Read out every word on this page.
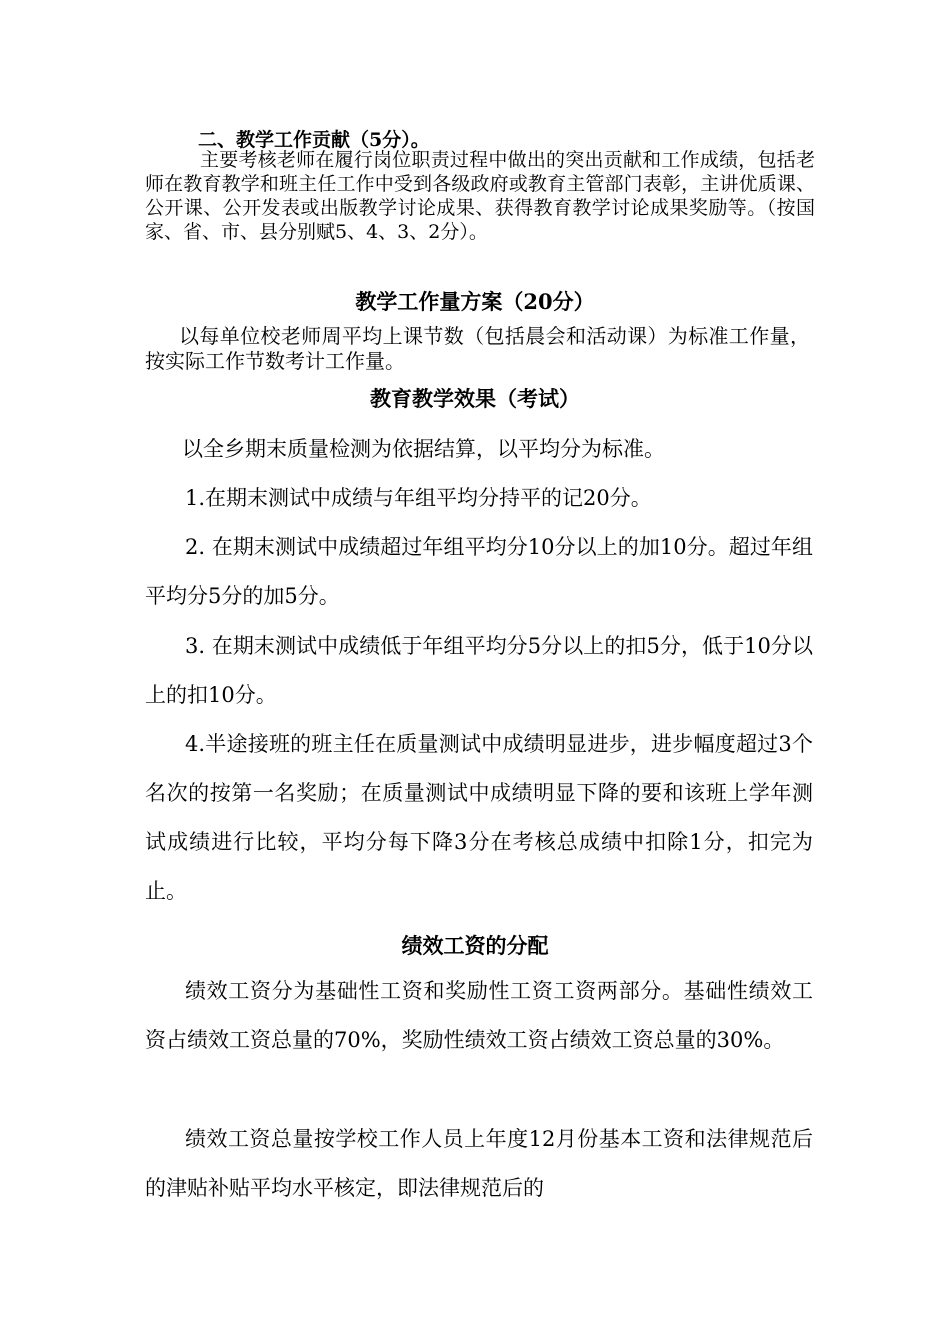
二、教学工作贡献（5分）。

主要考核老师在履行岗位职责过程中做出的突出贡献和工作成绩，包括老师在教育教学和班主任工作中受到各级政府或教育主管部门表彰，主讲优质课、公开课、公开发表或出版教学讨论成果、获得教育教学讨论成果奖励等。（按国家、省、市、县分别赋5、4、3、2分）。

教学工作量方案（20分）

以每单位校老师周平均上课节数（包括晨会和活动课）为标准工作量，按实际工作节数考计工作量。

教育教学效果（考试）

以全乡期末质量检测为依据结算，以平均分为标准。

1.在期末测试中成绩与年组平均分持平的记20分。

2. 在期末测试中成绩超过年组平均分10分以上的加10分。超过年组平均分5分的加5分。

3. 在期末测试中成绩低于年组平均分5分以上的扣5分，低于10分以上的扣10分。

4.半途接班的班主任在质量测试中成绩明显进步，进步幅度超过3个名次的按第一名奖励；在质量测试中成绩明显下降的要和该班上学年测试成绩进行比较，平均分每下降3分在考核总成绩中扣除1分，扣完为止。

绩效工资的分配

绩效工资分为基础性工资和奖励性工资工资两部分。基础性绩效工资占绩效工资总量的70%，奖励性绩效工资占绩效工资总量的30%。

绩效工资总量按学校工作人员上年度12月份基本工资和法律规范后的津贴补贴平均水平核定，即法律规范后的
